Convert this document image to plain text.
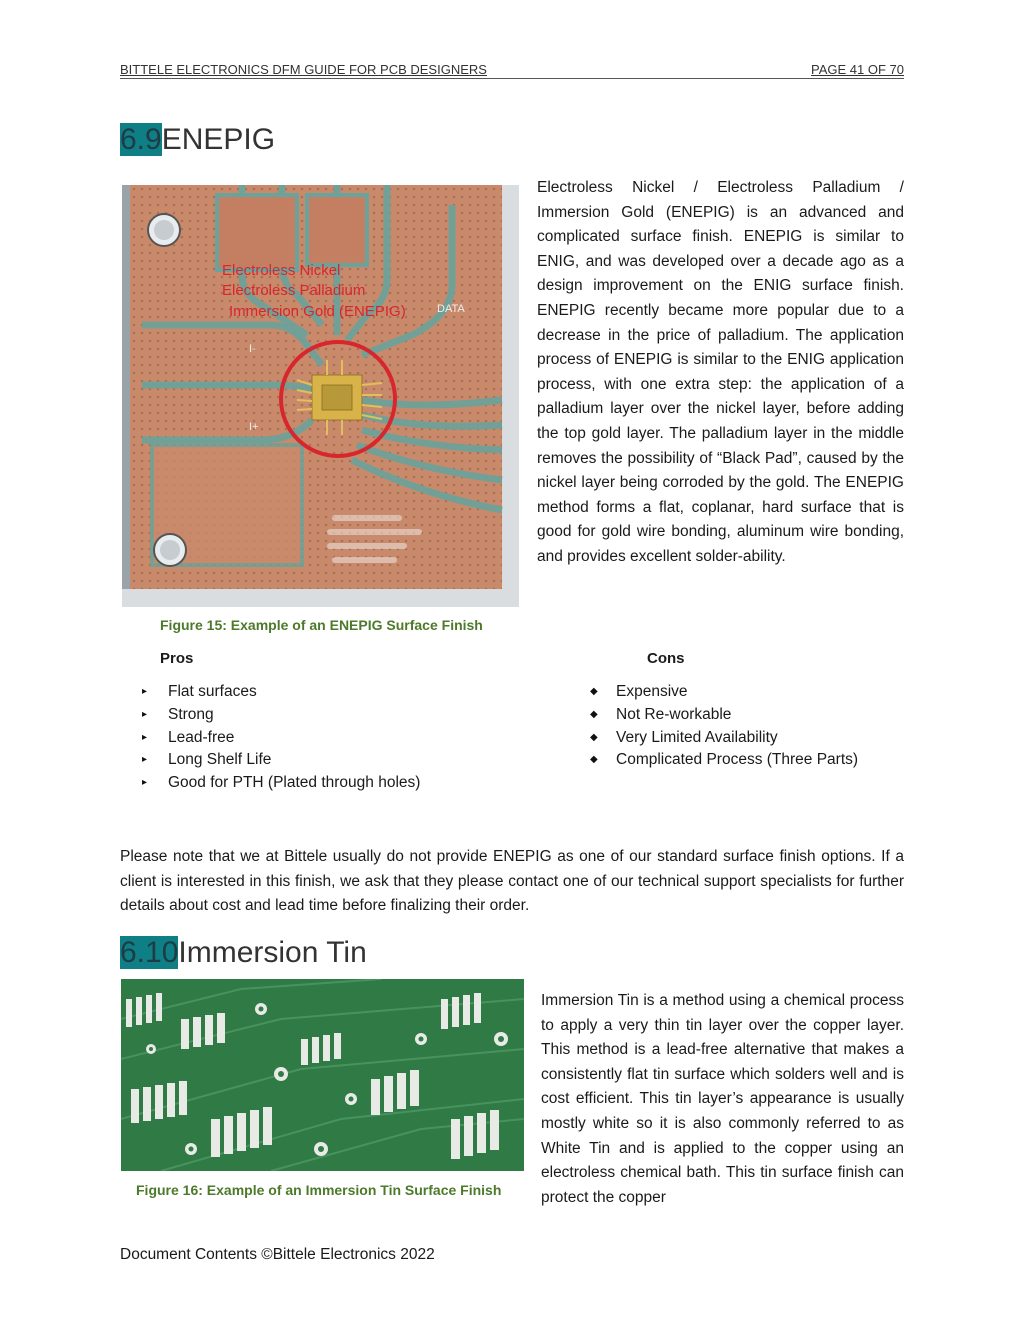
BITTELE ELECTRONICS DFM GUIDE FOR PCB DESIGNERS	PAGE 41 OF 70
6.9ENEPIG
Electroless Nickel
Electroless Palladium
Immersion Gold (ENEPIG)	DATA
I-
I+
Electroless Nickel / Electroless Palladium / Immersion Gold (ENEPIG) is an advanced and complicated surface finish. ENEPIG is similar to ENIG, and was developed over a decade ago as a design improvement on the ENIG surface finish. ENEPIG recently became more popular due to a decrease in the price of palladium. The application process of ENEPIG is similar to the ENIG application process, with one extra step: the application of a palladium layer over the nickel layer, before adding the top gold layer. The palladium layer in the middle removes the possibility of “Black Pad”, caused by the nickel layer being corroded by the gold. The ENEPIG method forms a flat, coplanar, hard surface that is good for gold wire bonding, aluminum wire bonding, and provides excellent solder-ability.
Figure 15: Example of an ENEPIG Surface Finish
Pros	Cons
▸ Flat surfaces
▸ Strong
▸ Lead-free
▸ Long Shelf Life
▸ Good for PTH (Plated through holes)
◆ Expensive
◆ Not Re-workable
◆ Very Limited Availability
◆ Complicated Process (Three Parts)
Please note that we at Bittele usually do not provide ENEPIG as one of our standard surface finish options. If a client is interested in this finish, we ask that they please contact one of our technical support specialists for further details about cost and lead time before finalizing their order.
6.10Immersion Tin
Figure 16: Example of an Immersion Tin Surface Finish
Immersion Tin is a method using a chemical process to apply a very thin tin layer over the copper layer. This method is a lead-free alternative that makes a consistently flat tin surface which solders well and is cost efficient. This tin layer’s appearance is usually mostly white so it is also commonly referred to as White Tin and is applied to the copper using an electroless chemical bath. This tin surface finish can protect the copper
Document Contents ©Bittele Electronics 2022
